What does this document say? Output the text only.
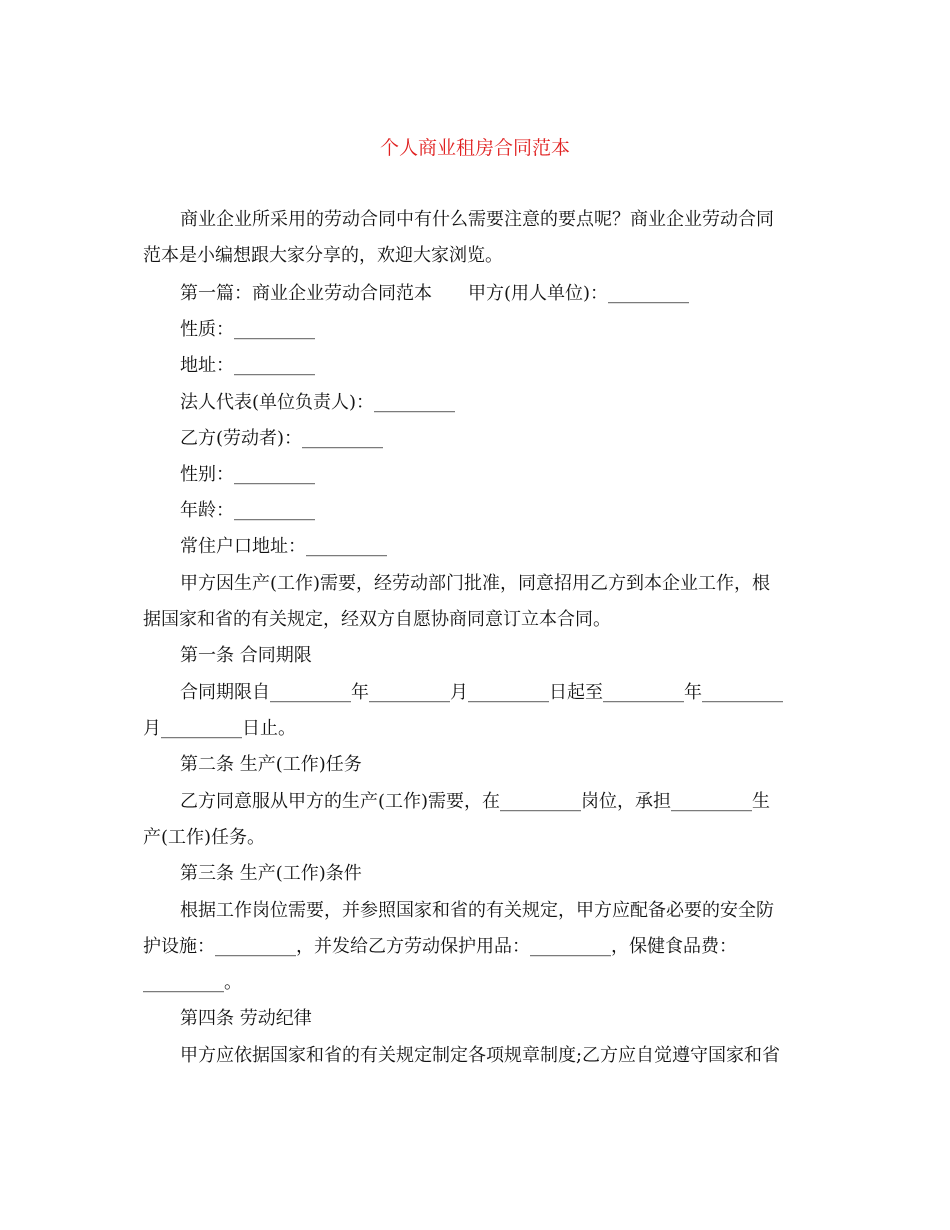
个人商业租房合同范本
商业企业所采用的劳动合同中有什么需要注意的要点呢？商业企业劳动合同
范本是小编想跟大家分享的，欢迎大家浏览。
第一篇：商业企业劳动合同范本　　甲方(用人单位)：_________
性质：_________
地址：_________
法人代表(单位负责人)：_________
乙方(劳动者)：_________
性别：_________
年龄：_________
常住户口地址：_________
甲方因生产(工作)需要，经劳动部门批准，同意招用乙方到本企业工作，根
据国家和省的有关规定，经双方自愿协商同意订立本合同。
第一条 合同期限
合同期限自_________年_________月_________日起至_________年_________
月_________日止。
第二条 生产(工作)任务
乙方同意服从甲方的生产(工作)需要，在_________岗位，承担_________生
产(工作)任务。
第三条 生产(工作)条件
根据工作岗位需要，并参照国家和省的有关规定，甲方应配备必要的安全防
护设施：_________，并发给乙方劳动保护用品：_________，保健食品费：
_________。
第四条 劳动纪律
甲方应依据国家和省的有关规定制定各项规章制度;乙方应自觉遵守国家和省
